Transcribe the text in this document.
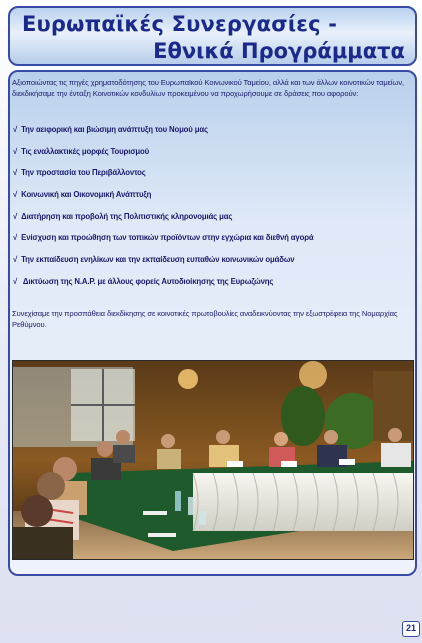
Ευρωπαϊκές Συνεργασίες -
Εθνικά Προγράμματα

Αξιοποιώντας τις πηγές χρηματοδότησης του Ευρωπαϊκού Κοινωνικού Ταμείου, αλλά και των άλλων κοινοτικών ταμείων, διεκδικήσαμε την ένταξη Κοινοτικών κονδυλίων προκειμένου να προχωρήσουμε σε δράσεις που αφορούν:

√ Την αειφορική και βιώσιμη ανάπτυξη του Νομού μας
√ Τις εναλλακτικές μορφές Τουρισμού
√ Την προστασία του Περιβάλλοντος
√ Κοινωνική και Οικονομική Ανάπτυξη
√ Διατήρηση και προβολή της Πολιτιστικής κληρονομιάς μας
√ Ενίσχυση και προώθηση των τοπικών προϊόντων στην εγχώρια και διεθνή αγορά
√ Την εκπαίδευση ενηλίκων και την εκπαίδευση ευπαθών κοινωνικών ομάδων
√ Δικτύωση της Ν.Α.Ρ. με άλλους φορείς Αυτοδιοίκησης της Ευρωζώνης

Συνεχίσαμε την προσπάθεια διεκδίκησης σε κοινοτικές πρωτοβουλίες αναδεικνύοντας την εξωστρέφεια της Νομαρχίας Ρεθύμνου.

21
